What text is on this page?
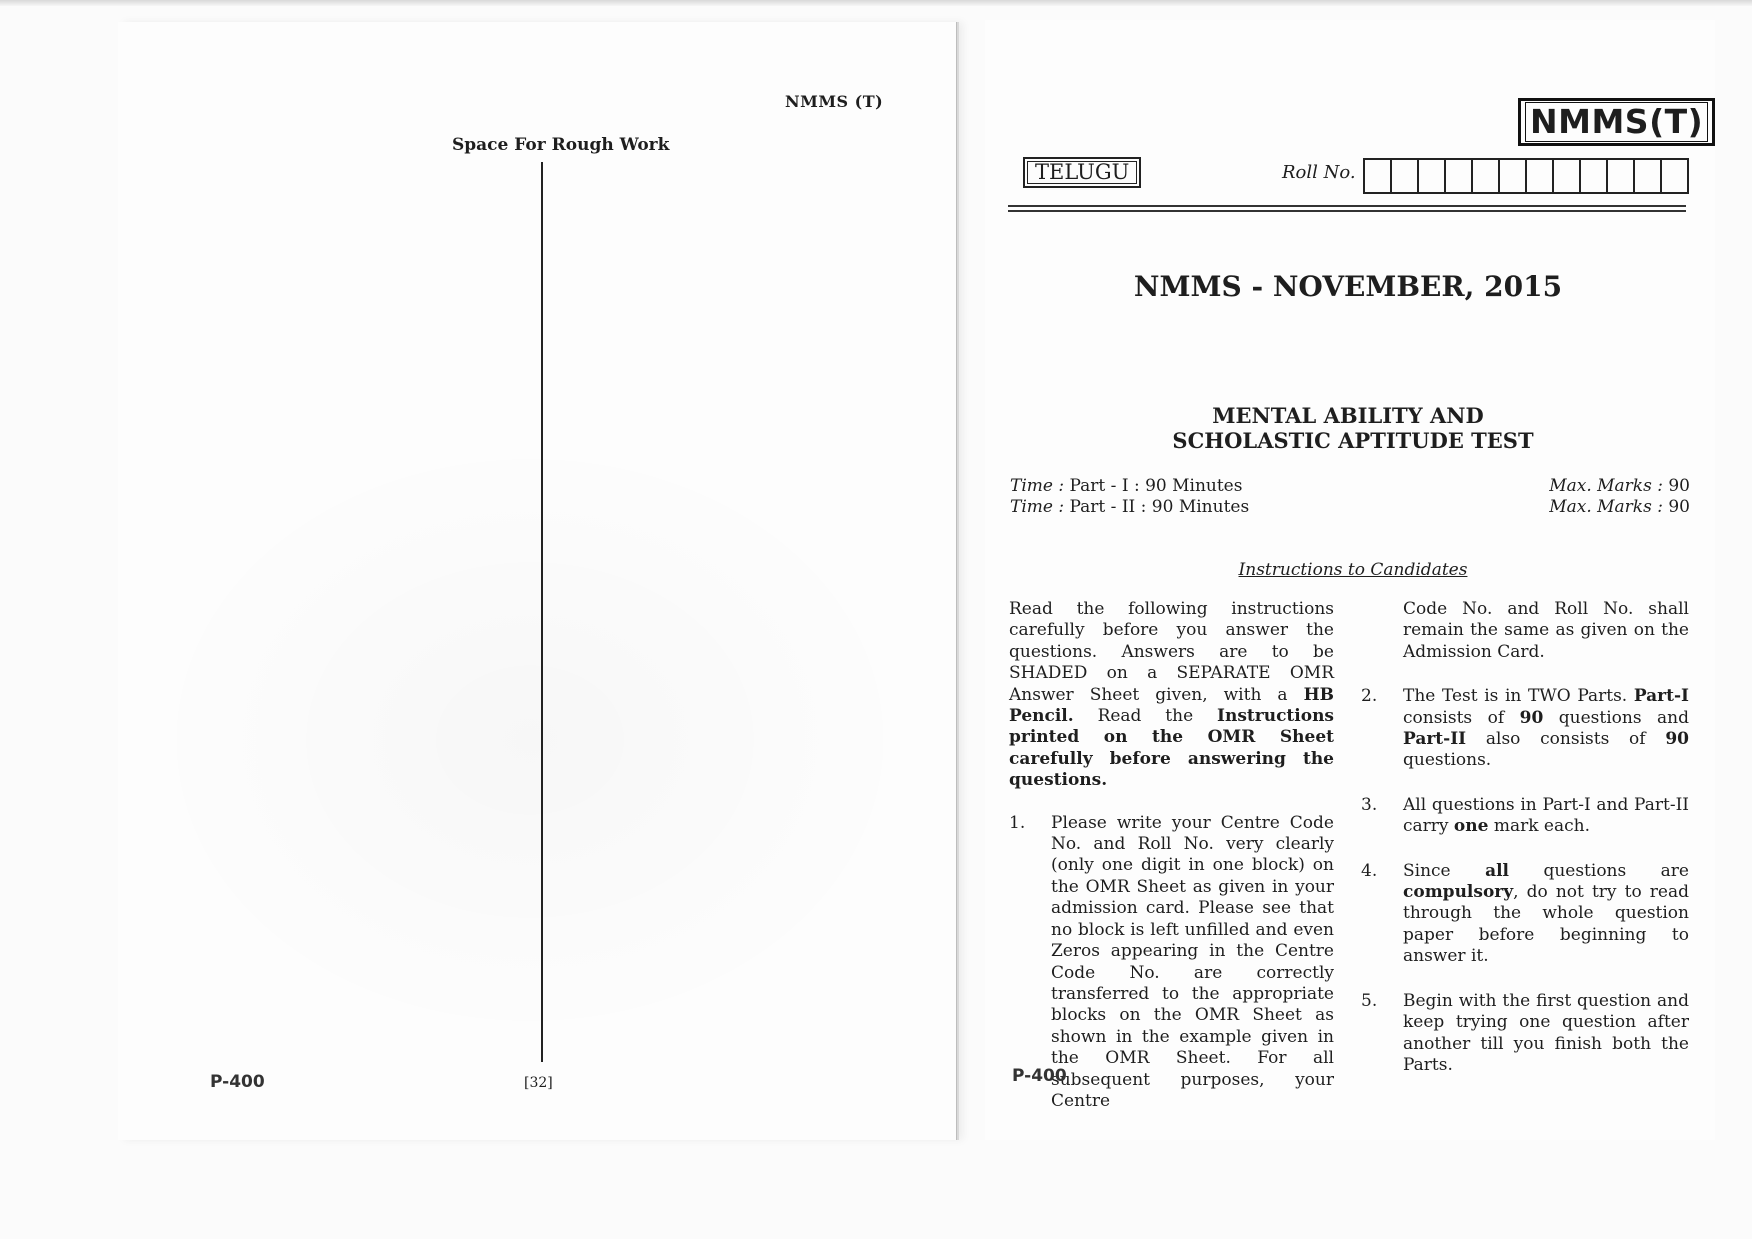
NMMS (T)
Space For Rough Work
P-400	[32]
NMMS(T)
TELUGU	Roll No.
NMMS - NOVEMBER, 2015
MENTAL ABILITY AND
SCHOLASTIC APTITUDE TEST
Time : Part - I : 90 Minutes	Max. Marks : 90
Time : Part - II : 90 Minutes	Max. Marks : 90
Instructions to Candidates

Read the following instructions carefully before you answer the questions. Answers are to be SHADED on a SEPARATE OMR Answer Sheet given, with a HB Pencil. Read the Instructions printed on the OMR Sheet carefully before answering the questions.

1.	Please write your Centre Code No. and Roll No. very clearly (only one digit in one block) on the OMR Sheet as given in your admission card. Please see that no block is left unfilled and even Zeros appearing in the Centre Code No. are correctly transferred to the appropriate blocks on the OMR Sheet as shown in the example given in the OMR Sheet. For all subsequent purposes, your Centre
Code No. and Roll No. shall remain the same as given on the Admission Card.
2.	The Test is in TWO Parts. Part-I consists of 90 questions and Part-II also consists of 90 questions.
3.	All questions in Part-I and Part-II carry one mark each.
4.	Since all questions are compulsory, do not try to read through the whole question paper before beginning to answer it.
5.	Begin with the first question and keep trying one question after another till you finish both the Parts.
P-400
